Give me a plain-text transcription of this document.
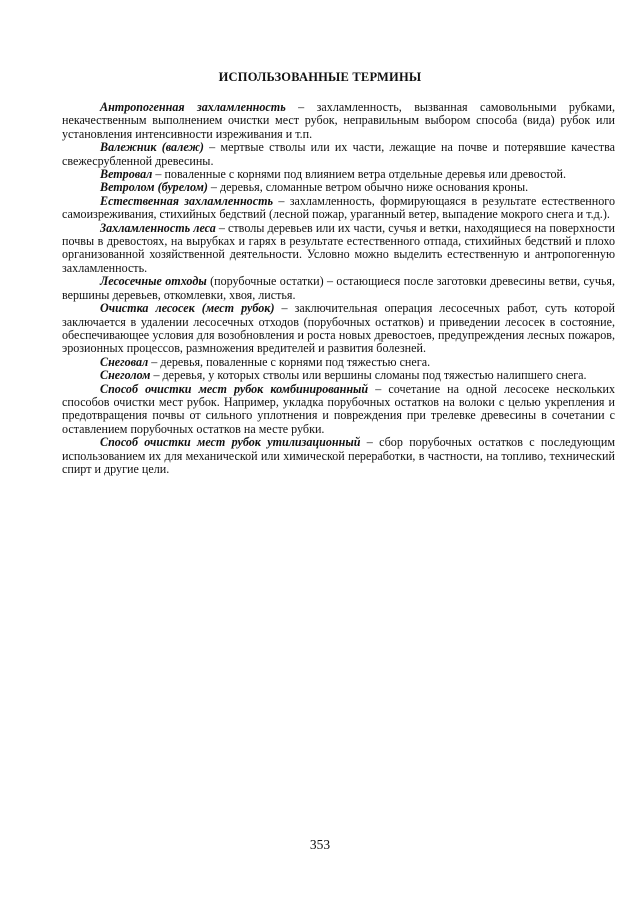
ИСПОЛЬЗОВАННЫЕ ТЕРМИНЫ

Антропогенная захламленность – захламленность, вызванная самовольными рубками, некачественным выполнением очистки мест рубок, неправильным выбором способа (вида) рубок или установления интенсивности изреживания и т.п.

Валежник (валеж) – мертвые стволы или их части, лежащие на почве и потерявшие качества свежесрубленной древесины.

Ветровал – поваленные с корнями под влиянием ветра отдельные деревья или древостой.

Ветролом (бурелом) – деревья, сломанные ветром обычно ниже основания кроны.

Естественная захламленность – захламленность, формирующаяся в результате естественного самоизреживания, стихийных бедствий (лесной пожар, ураганный ветер, выпадение мокрого снега и т.д.).

Захламленность леса – стволы деревьев или их части, сучья и ветки, находящиеся на поверхности почвы в древостоях, на вырубках и гарях в результате естественного отпада, стихийных бедствий и плохо организованной хозяйственной деятельности. Условно можно выделить естественную и антропогенную захламленность.

Лесосечные отходы (порубочные остатки) – остающиеся после заготовки древесины ветви, сучья, вершины деревьев, откомлевки, хвоя, листья.

Очистка лесосек (мест рубок) – заключительная операция лесосечных работ, суть которой заключается в удалении лесосечных отходов (порубочных остатков) и приведении лесосек в состояние, обеспечивающее условия для возобновления и роста новых древостоев, предупреждения лесных пожаров, эрозионных процессов, размножения вредителей и развития болезней.

Снеговал – деревья, поваленные с корнями под тяжестью снега.

Снеголом – деревья, у которых стволы или вершины сломаны под тяжестью налипшего снега.

Способ очистки мест рубок комбинированный – сочетание на одной лесосеке нескольких способов очистки мест рубок. Например, укладка порубочных остатков на волоки с целью укрепления и предотвращения почвы от сильного уплотнения и повреждения при трелевке древесины в сочетании с оставлением порубочных остатков на месте рубки.

Способ очистки мест рубок утилизационный – сбор порубочных остатков с последующим использованием их для механической или химической переработки, в частности, на топливо, технический спирт и другие цели.

353
